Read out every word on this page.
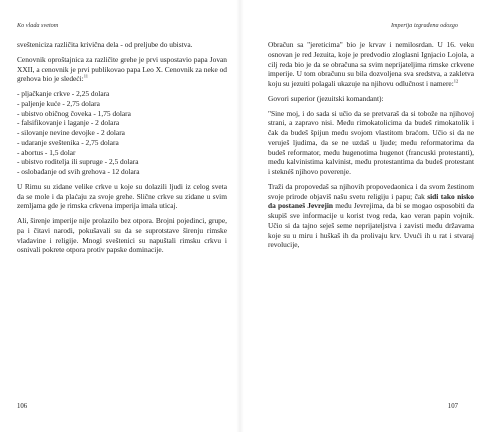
Ko vlada svetom

svešteniciza različita krivična dela - od preljube do ubistva.

Cenovnik oproštajnica za različite grehe je prvi uspostavio papa Jovan XXII, a cenovnik je prvi publikovao papa Leo X. Cenovnik za neke od grehova bio je sledeći:$^{11}$

- pljačkanje crkve - 2,25 dolara
- paljenje kuće - 2,75 dolara
- ubistvo običnog čoveka - 1,75 dolara
- falsifikovanje i laganje - 2 dolara
- silovanje nevine devojke - 2 dolara
- udaranje sveštenika - 2,75 dolara
- abortus - 1,5 dolar
- ubistvo roditelja ili supruge - 2,5 dolara
- oslobađanje od svih grehova - 12 dolara

U Rimu su zidane velike crkve u koje su dolazili ljudi iz celog sveta da se mole i da plaćaju za svoje grehe. Slične crkve su zidane u svim zemljama gde je rimska crkvena imperija imala uticaj.

Ali, širenje imperije nije prolazilo bez otpora. Brojni pojedinci, grupe, pa i čitavi narodi, pokušavali su da se suprotstave širenju rimske vladavine i religije. Mnogi sveštenici su napuštali rimsku crkvu i osnivali pokrete otpora protiv papske dominacije.

106
Imperija izgrađena odozgo

Obračun sa "jereticima" bio je krvav i nemilosrdan. U 16. veku osnovan je red Jezuita, koje je predvodio zloglasni Ignjacio Lojola, a cilj reda bio je da se obračuna sa svim neprijateljima rimske crkvene imperije. U tom obračunu su bila dozvoljena sva sredstva, a zakletva koju su jezuiti polagali ukazuje na njihovu odlučnost i namere:$^{12}$

Govori superior (jezuitski komandant):

"Sine moj, i do sada si učio da se pretvaraš da si tobože na njihovoj strani, a zapravo nisi. Među rimokatolicima da budeš rimokatolik i čak da budeš špijun među svojom vlastitom braćom. Učio si da ne veruješ ljudima, da se ne uzdaš u ljude; među reformatorima da budeš reformator, među hugenotima hugenot (francuski protestanti), među kalvinistima kalvinist, među protestantima da budeš protestant i steknéš njihovo poverenje.

Traži da propovedaš sa njihovih propovedaonica i da svom žestinom svoje prirode objaviš našu svetu religiju i papu; čak sidi tako nisko da postaneš Jevrejin među Jevrejima, da bi se mogao osposobiti da skupiš sve informacije u korist tvog reda, kao veran papin vojnik. Učio si da tajno seješ seme neprijateljstva i zavisti među državama koje su u miru i huškaš ih da prolivaju krv. Uvući ih u rat i stvaraj revolucije,

107
